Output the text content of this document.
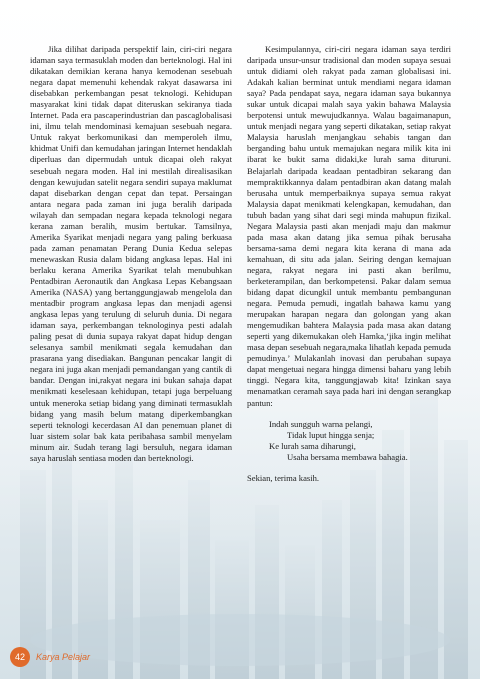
Jika dilihat daripada perspektif lain, ciri-ciri negara idaman saya termasuklah moden dan berteknologi. Hal ini dikatakan demikian kerana hanya kemodenan sesebuah negara dapat memenuhi kehendak rakyat dasawarsa ini disebabkan perkembangan pesat teknologi. Kehidupan masyarakat kini tidak dapat diteruskan sekiranya tiada Internet. Pada era pascaperindustrian dan pascaglobalisasi ini, ilmu telah mendominasi kemajuan sesebuah negara. Untuk rakyat berkomunikasi dan memperoleh ilmu, khidmat Unifi dan kemudahan jaringan Internet hendaklah diperluas dan dipermudah untuk dicapai oleh rakyat sesebuah negara moden. Hal ini mestilah direalisasikan dengan kewujudan satelit negara sendiri supaya maklumat dapat disebarkan dengan cepat dan tepat. Persaingan antara negara pada zaman ini juga beralih daripada wilayah dan sempadan negara kepada teknologi negara kerana zaman beralih, musim bertukar. Tamsilnya, Amerika Syarikat menjadi negara yang paling berkuasa pada zaman penamatan Perang Dunia Kedua selepas menewaskan Rusia dalam bidang angkasa lepas. Hal ini berlaku kerana Amerika Syarikat telah menubuhkan Pentadbiran Aeronautik dan Angkasa Lepas Kebangsaan Amerika (NASA) yang bertanggungjawab mengelola dan mentadbir program angkasa lepas dan menjadi agensi angkasa lepas yang terulung di seluruh dunia. Di negara idaman saya, perkembangan teknologinya pesti adalah paling pesat di dunia supaya rakyat dapat hidup dengan selesanya sambil menikmati segala kemudahan dan prasarana yang disediakan. Bangunan pencakar langit di negara ini juga akan menjadi pemandangan yang cantik di bandar. Dengan ini,rakyat negara ini bukan sahaja dapat menikmati keselesaan kehidupan, tetapi juga berpeluang untuk meneroka setiap bidang yang diminati termasuklah bidang yang masih belum matang diperkembangkan seperti teknologi kecerdasan AI dan penemuan planet di luar sistem solar bak kata peribahasa sambil menyelam minum air. Sudah terang lagi bersuluh, negara idaman saya haruslah sentiasa moden dan berteknologi.

Kesimpulannya, ciri-ciri negara idaman saya terdiri daripada unsur-unsur tradisional dan moden supaya sesuai untuk didiami oleh rakyat pada zaman globalisasi ini. Adakah kalian berminat untuk mendiami negara idaman saya? Pada pendapat saya, negara idaman saya bukannya sukar untuk dicapai malah saya yakin bahawa Malaysia berpotensi untuk mewujudkannya. Walau bagaimanapun, untuk menjadi negara yang seperti dikatakan, setiap rakyat Malaysia haruslah menjangkau sehabis tangan dan berganding bahu untuk memajukan negara milik kita ini ibarat ke bukit sama didaki,ke lurah sama dituruni. Belajarlah daripada keadaan pentadbiran sekarang dan mempraktikkannya dalam pentadbiran akan datang malah berusaha untuk memperbaiknya supaya semua rakyat Malaysia dapat menikmati kelengkapan, kemudahan, dan tubuh badan yang sihat dari segi minda mahupun fizikal. Negara Malaysia pasti akan menjadi maju dan makmur pada masa akan datang jika semua pihak berusaha bersama-sama demi negara kita kerana di mana ada kemahuan, di situ ada jalan. Seiring dengan kemajuan negara, rakyat negara ini pasti akan berilmu, berketerampilan, dan berkompetensi. Pakar dalam semua bidang dapat dicungkil untuk membantu pembangunan negara. Pemuda pemudi, ingatlah bahawa kamu yang merupakan harapan negara dan golongan yang akan mengemudikan bahtera Malaysia pada masa akan datang seperti yang dikemukakan oleh Hamka,‘jika ingin melihat masa depan sesebuah negara,maka lihatlah kepada pemuda pemudinya.’ Mulakanlah inovasi dan perubahan supaya dapat mengetuai negara hingga dimensi baharu yang lebih tinggi. Negara kita, tanggungjawab kita! Izinkan saya menamatkan ceramah saya pada hari ini dengan serangkap pantun:

Indah sungguh warna pelangi,
Tidak luput hingga senja;
Ke lurah sama diharungi,
Usaha bersama membawa bahagia.

Sekian, terima kasih.

42	Karya Pelajar
